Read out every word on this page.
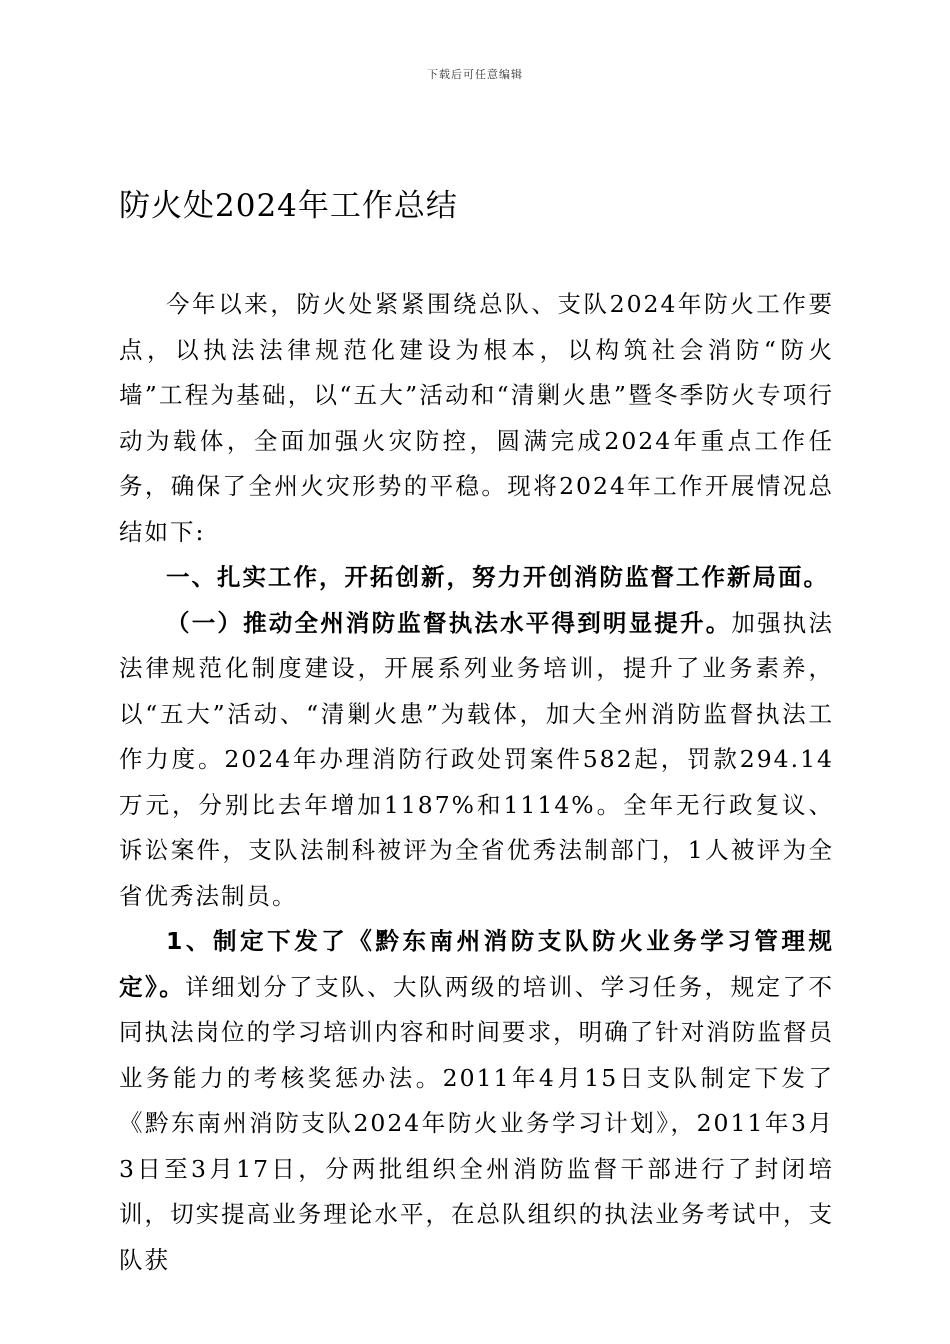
下载后可任意编辑
防火处2024年工作总结

今年以来，防火处紧紧围绕总队、支队2024年防火工作要点，以执法法律规范化建设为根本，以构筑社会消防“防火墙”工程为基础，以“五大”活动和“清剿火患”暨冬季防火专项行动为载体，全面加强火灾防控，圆满完成2024年重点工作任务，确保了全州火灾形势的平稳。现将2024年工作开展情况总结如下:

一、扎实工作，开拓创新，努力开创消防监督工作新局面。

（一）推动全州消防监督执法水平得到明显提升。加强执法法律规范化制度建设，开展系列业务培训，提升了业务素养，以“五大”活动、“清剿火患”为载体，加大全州消防监督执法工作力度。2024年办理消防行政处罚案件582起，罚款294.14万元，分别比去年增加1187%和1114%。全年无行政复议、诉讼案件，支队法制科被评为全省优秀法制部门，1人被评为全省优秀法制员。

1、制定下发了《黔东南州消防支队防火业务学习管理规定》。详细划分了支队、大队两级的培训、学习任务，规定了不同执法岗位的学习培训内容和时间要求，明确了针对消防监督员业务能力的考核奖惩办法。2011年4月15日支队制定下发了《黔东南州消防支队2024年防火业务学习计划》，2011年3月3日至3月17日，分两批组织全州消防监督干部进行了封闭培训，切实提高业务理论水平，在总队组织的执法业务考试中，支队获
